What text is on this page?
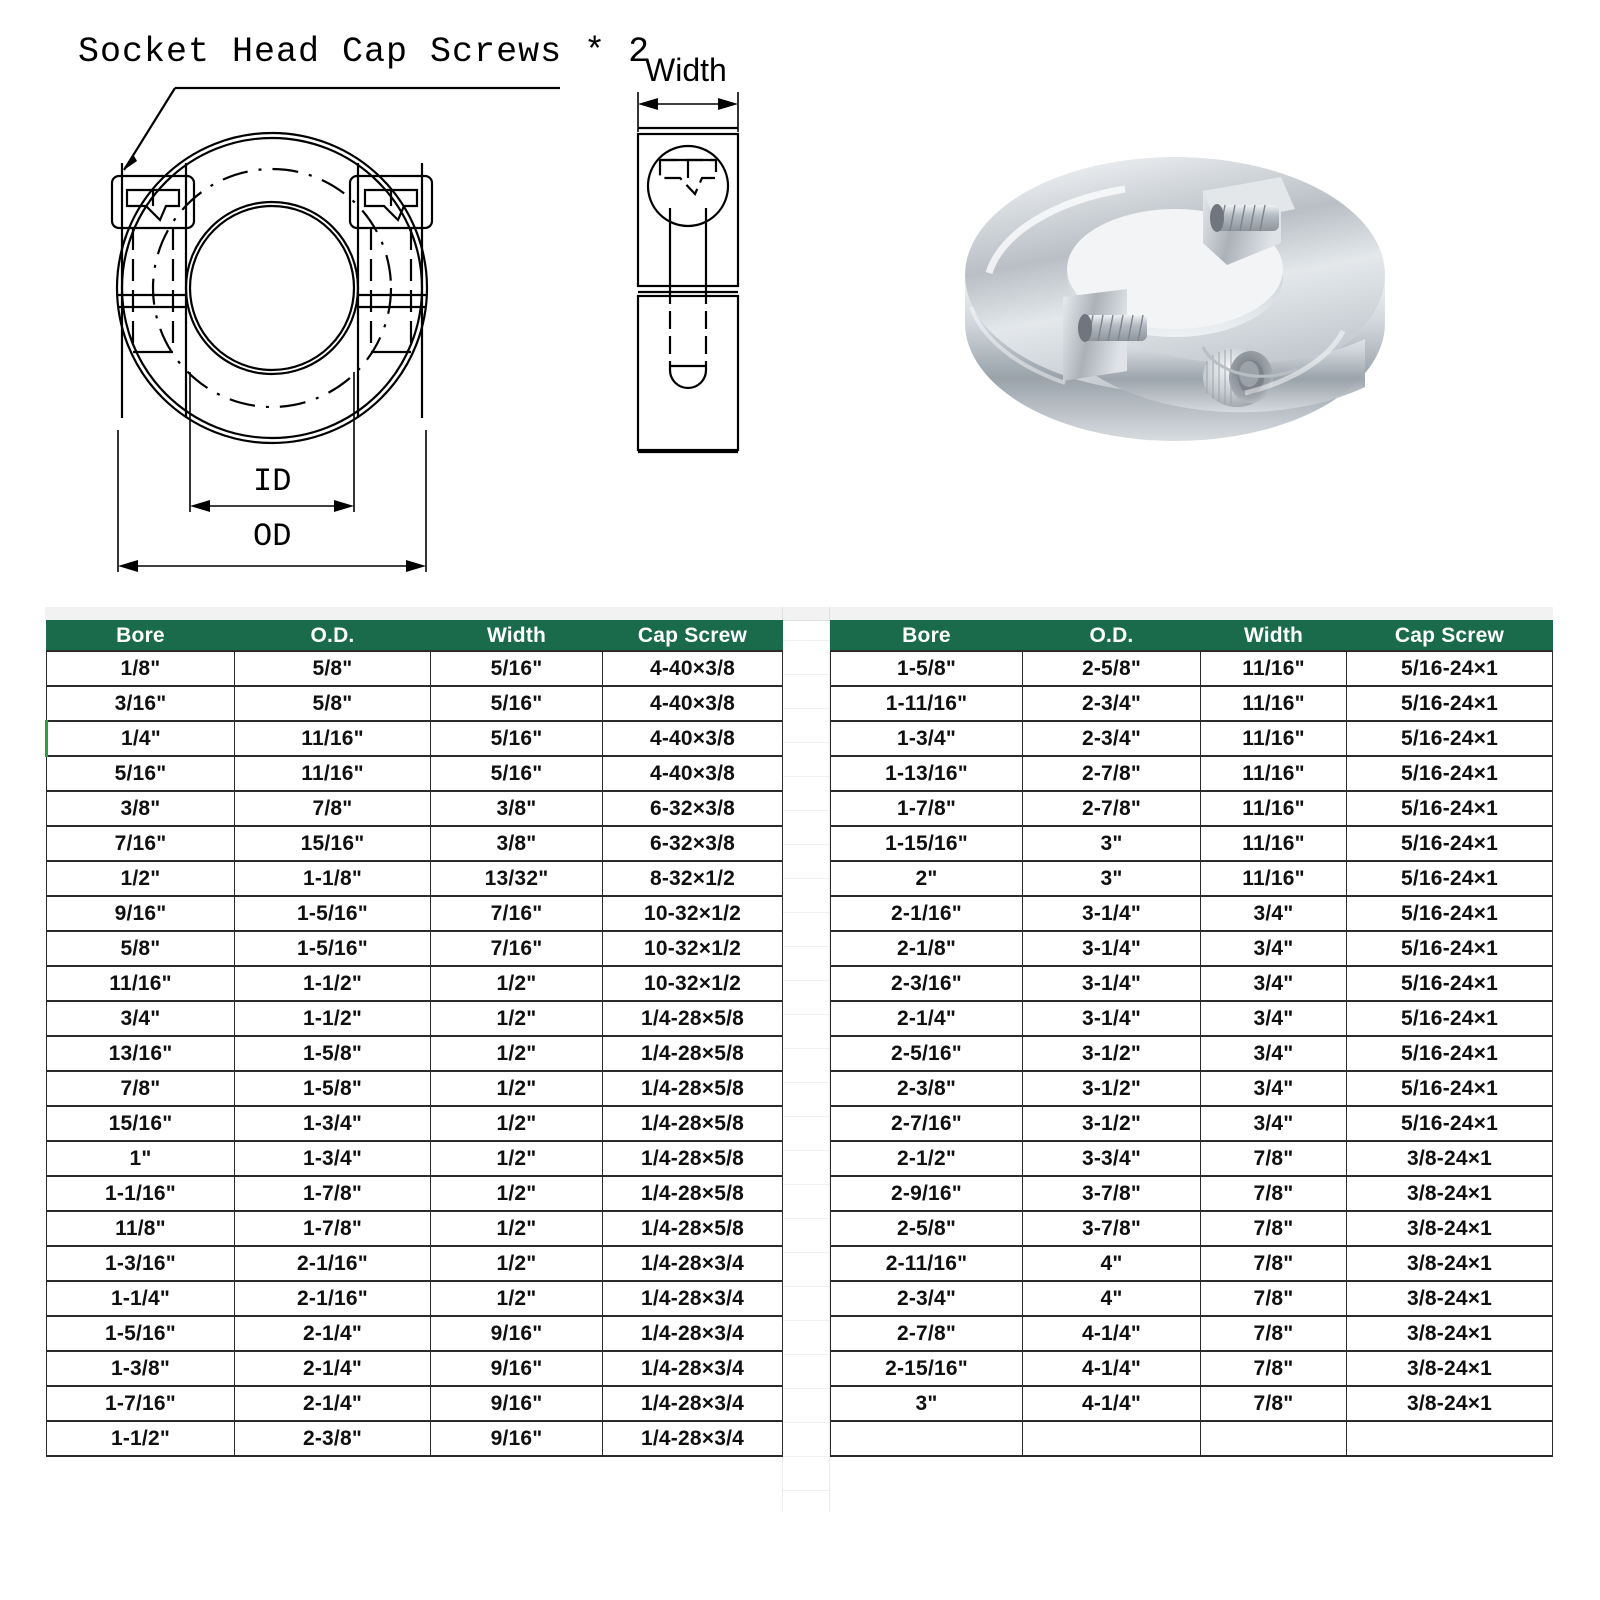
Socket Head Cap Screws * 2
ID
OD
Width
Bore	O.D.	Width	Cap Screw
1/8"	5/8"	5/16"	4-40×3/8
3/16"	5/8"	5/16"	4-40×3/8
1/4"	11/16"	5/16"	4-40×3/8
5/16"	11/16"	5/16"	4-40×3/8
3/8"	7/8"	3/8"	6-32×3/8
7/16"	15/16"	3/8"	6-32×3/8
1/2"	1-1/8"	13/32"	8-32×1/2
9/16"	1-5/16"	7/16"	10-32×1/2
5/8"	1-5/16"	7/16"	10-32×1/2
11/16"	1-1/2"	1/2"	10-32×1/2
3/4"	1-1/2"	1/2"	1/4-28×5/8
13/16"	1-5/8"	1/2"	1/4-28×5/8
7/8"	1-5/8"	1/2"	1/4-28×5/8
15/16"	1-3/4"	1/2"	1/4-28×5/8
1"	1-3/4"	1/2"	1/4-28×5/8
1-1/16"	1-7/8"	1/2"	1/4-28×5/8
11/8"	1-7/8"	1/2"	1/4-28×5/8
1-3/16"	2-1/16"	1/2"	1/4-28×3/4
1-1/4"	2-1/16"	1/2"	1/4-28×3/4
1-5/16"	2-1/4"	9/16"	1/4-28×3/4
1-3/8"	2-1/4"	9/16"	1/4-28×3/4
1-7/16"	2-1/4"	9/16"	1/4-28×3/4
1-1/2"	2-3/8"	9/16"	1/4-28×3/4
Bore	O.D.	Width	Cap Screw
1-5/8"	2-5/8"	11/16"	5/16-24×1
1-11/16"	2-3/4"	11/16"	5/16-24×1
1-3/4"	2-3/4"	11/16"	5/16-24×1
1-13/16"	2-7/8"	11/16"	5/16-24×1
1-7/8"	2-7/8"	11/16"	5/16-24×1
1-15/16"	3"	11/16"	5/16-24×1
2"	3"	11/16"	5/16-24×1
2-1/16"	3-1/4"	3/4"	5/16-24×1
2-1/8"	3-1/4"	3/4"	5/16-24×1
2-3/16"	3-1/4"	3/4"	5/16-24×1
2-1/4"	3-1/4"	3/4"	5/16-24×1
2-5/16"	3-1/2"	3/4"	5/16-24×1
2-3/8"	3-1/2"	3/4"	5/16-24×1
2-7/16"	3-1/2"	3/4"	5/16-24×1
2-1/2"	3-3/4"	7/8"	3/8-24×1
2-9/16"	3-7/8"	7/8"	3/8-24×1
2-5/8"	3-7/8"	7/8"	3/8-24×1
2-11/16"	4"	7/8"	3/8-24×1
2-3/4"	4"	7/8"	3/8-24×1
2-7/8"	4-1/4"	7/8"	3/8-24×1
2-15/16"	4-1/4"	7/8"	3/8-24×1
3"	4-1/4"	7/8"	3/8-24×1
